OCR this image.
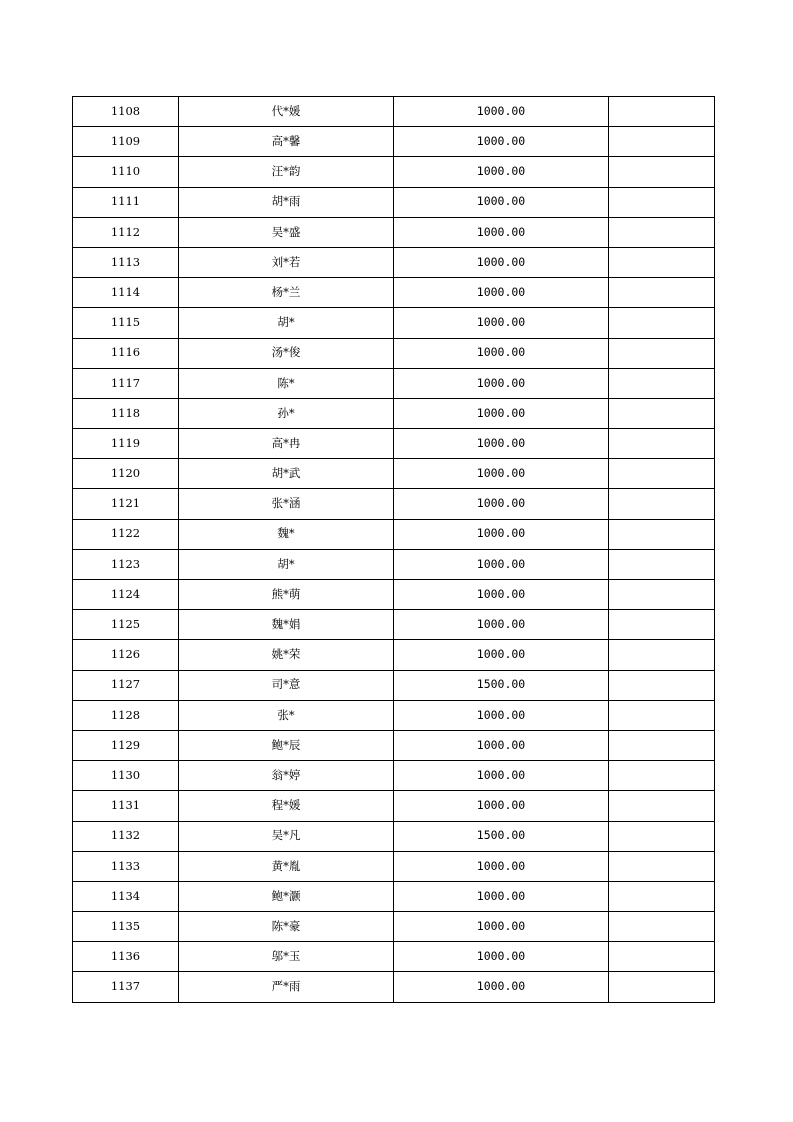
1108	代*媛	1000.00	
1109	高*馨	1000.00	
1110	汪*韵	1000.00	
1111	胡*雨	1000.00	
1112	吴*盛	1000.00	
1113	刘*若	1000.00	
1114	杨*兰	1000.00	
1115	胡*	1000.00	
1116	汤*俊	1000.00	
1117	陈*	1000.00	
1118	孙*	1000.00	
1119	高*冉	1000.00	
1120	胡*武	1000.00	
1121	张*涵	1000.00	
1122	魏*	1000.00	
1123	胡*	1000.00	
1124	熊*萌	1000.00	
1125	魏*娟	1000.00	
1126	姚*荣	1000.00	
1127	司*意	1500.00	
1128	张*	1000.00	
1129	鲍*辰	1000.00	
1130	翁*婷	1000.00	
1131	程*媛	1000.00	
1132	吴*凡	1500.00	
1133	黄*胤	1000.00	
1134	鲍*灏	1000.00	
1135	陈*豪	1000.00	
1136	邬*玉	1000.00	
1137	严*雨	1000.00	
